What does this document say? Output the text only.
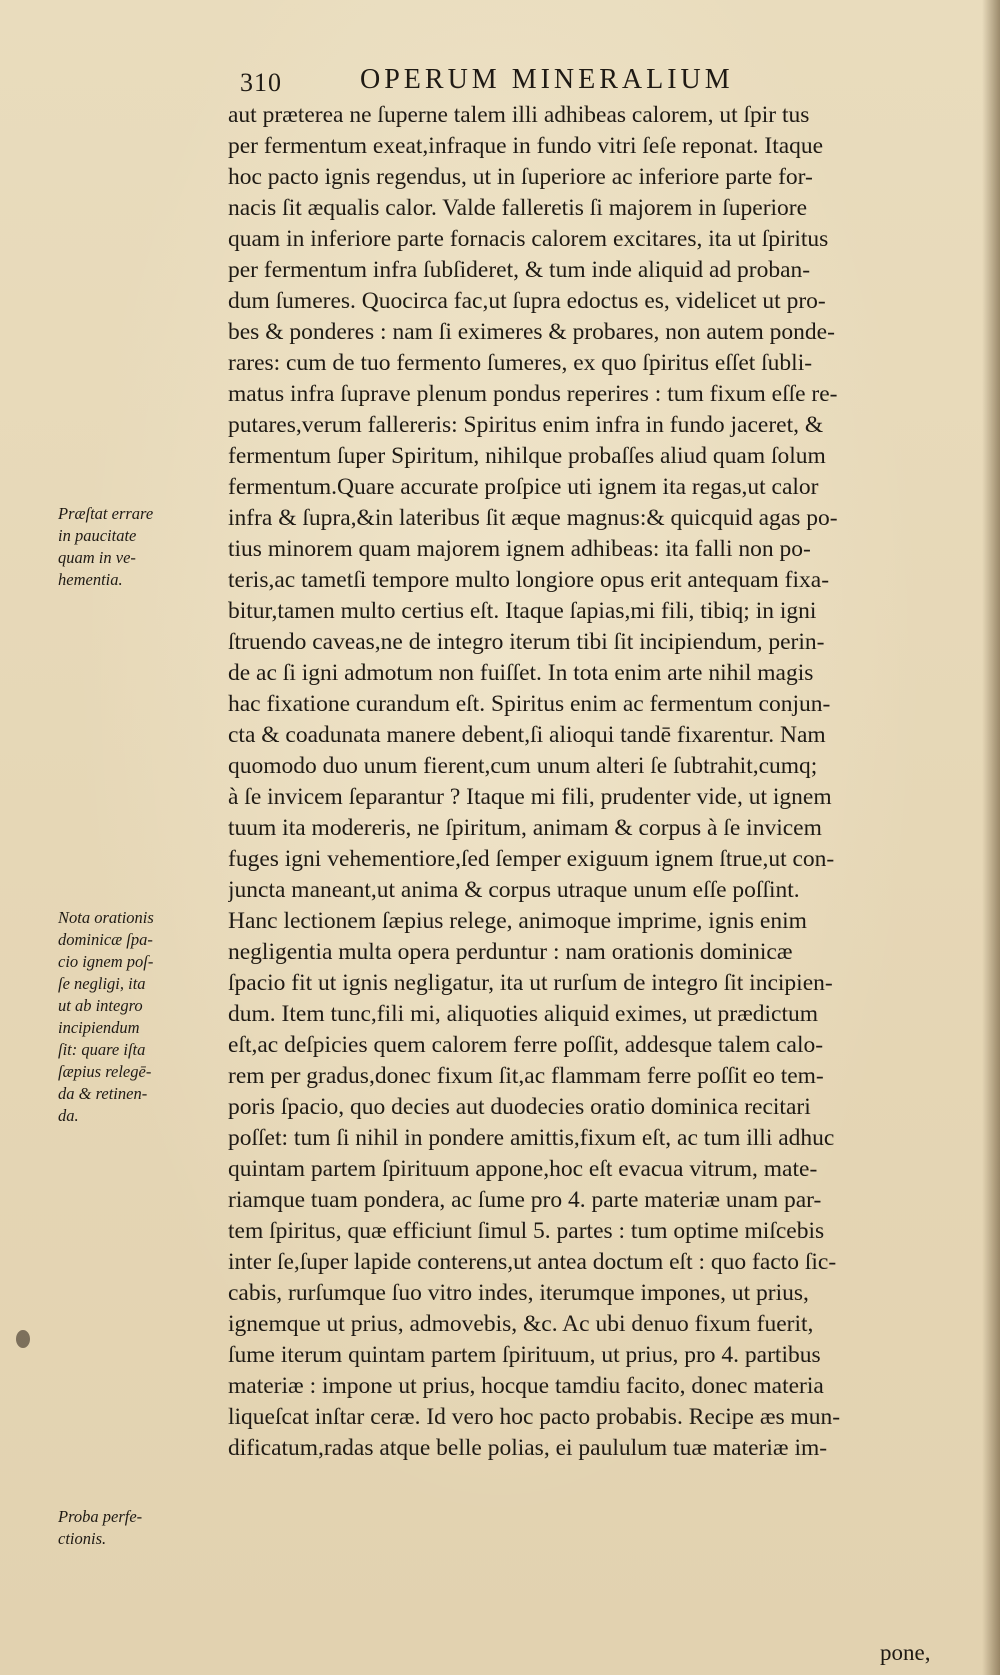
310	OPERUM MINERALIUM
aut præterea ne ſuperne talem illi adhibeas calorem, ut ſpir tus
per fermentum exeat,infraque in fundo vitri ſeſe reponat. Itaque
hoc pacto ignis regendus, ut in ſuperiore ac inferiore parte for-
nacis ſit æqualis calor. Valde falleretis ſi majorem in ſuperiore
quam in inferiore parte fornacis calorem excitares, ita ut ſpiritus
per fermentum infra ſubſideret, & tum inde aliquid ad proban-
dum ſumeres. Quocirca fac,ut ſupra edoctus es, videlicet ut pro-
bes & ponderes : nam ſi eximeres & probares, non autem ponde-
rares: cum de tuo fermento ſumeres, ex quo ſpiritus eſſet ſubli-
matus infra ſuprave plenum pondus reperires : tum fixum eſſe re-
putares,verum fallereris: Spiritus enim infra in fundo jaceret, &
fermentum ſuper Spiritum, nihilque probaſſes aliud quam ſolum
fermentum.Quare accurate proſpice uti ignem ita regas,ut calor
infra & ſupra,&in lateribus ſit æque magnus:& quicquid agas po-
tius minorem quam majorem ignem adhibeas: ita falli non po-
teris,ac tametſi tempore multo longiore opus erit antequam fixa-
bitur,tamen multo certius eſt. Itaque ſapias,mi fili, tibiq; in igni
ſtruendo caveas,ne de integro iterum tibi ſit incipiendum, perin-
de ac ſi igni admotum non fuiſſet. In tota enim arte nihil magis
hac fixatione curandum eſt. Spiritus enim ac fermentum conjun-
cta & coadunata manere debent,ſi alioqui tandē fixarentur. Nam
quomodo duo unum fierent,cum unum alteri ſe ſubtrahit,cumq;
à ſe invicem ſeparantur ? Itaque mi fili, prudenter vide, ut ignem
tuum ita modereris, ne ſpiritum, animam & corpus à ſe invicem
fuges igni vehementiore,ſed ſemper exiguum ignem ſtrue,ut con-
juncta maneant,ut anima & corpus utraque unum eſſe poſſint.
Hanc lectionem ſæpius relege, animoque imprime, ignis enim
negligentia multa opera perduntur : nam orationis dominicæ
ſpacio fit ut ignis negligatur, ita ut rurſum de integro ſit incipien-
dum. Item tunc,fili mi, aliquoties aliquid eximes, ut prædictum
eſt,ac deſpicies quem calorem ferre poſſit, addesque talem calo-
rem per gradus,donec fixum ſit,ac flammam ferre poſſit eo tem-
poris ſpacio, quo decies aut duodecies oratio dominica recitari
poſſet: tum ſi nihil in pondere amittis,fixum eſt, ac tum illi adhuc
quintam partem ſpirituum appone,hoc eſt evacua vitrum, mate-
riamque tuam pondera, ac ſume pro 4. parte materiæ unam par-
tem ſpiritus, quæ efficiunt ſimul 5. partes : tum optime miſcebis
inter ſe,ſuper lapide conterens,ut antea doctum eſt : quo facto ſic-
cabis, rurſumque ſuo vitro indes, iterumque impones, ut prius,
ignemque ut prius, admovebis, &c. Ac ubi denuo fixum fuerit,
ſume iterum quintam partem ſpirituum, ut prius, pro 4. partibus
materiæ : impone ut prius, hocque tamdiu facito, donec materia
liqueſcat inſtar ceræ. Id vero hoc pacto probabis. Recipe æs mun-
dificatum,radas atque belle polias, ei paululum tuæ materiæ im-
Præſtat errare
in paucitate
quam in ve-
hementia.
Nota orationis
dominicæ ſpa-
cio ignem poſ-
ſe negligi, ita
ut ab integro
incipiendum
ſit: quare iſta
ſæpius relegē-
da & retinen-
da.
Proba perfe-
ctionis.
pone,
